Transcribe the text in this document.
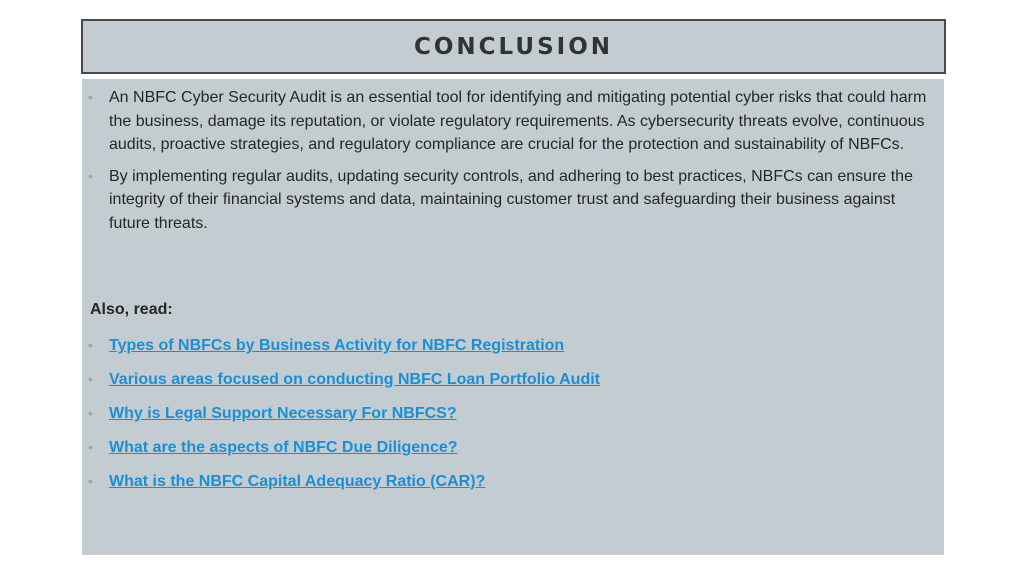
CONCLUSION
• An NBFC Cyber Security Audit is an essential tool for identifying and mitigating potential cyber risks that could harm the business, damage its reputation, or violate regulatory requirements. As cybersecurity threats evolve, continuous audits, proactive strategies, and regulatory compliance are crucial for the protection and sustainability of NBFCs.
• By implementing regular audits, updating security controls, and adhering to best practices, NBFCs can ensure the integrity of their financial systems and data, maintaining customer trust and safeguarding their business against future threats.
Also, read:
• Types of NBFCs by Business Activity for NBFC Registration
• Various areas focused on conducting NBFC Loan Portfolio Audit
• Why is Legal Support Necessary For NBFCS?
• What are the aspects of NBFC Due Diligence?
• What is the NBFC Capital Adequacy Ratio (CAR)?
